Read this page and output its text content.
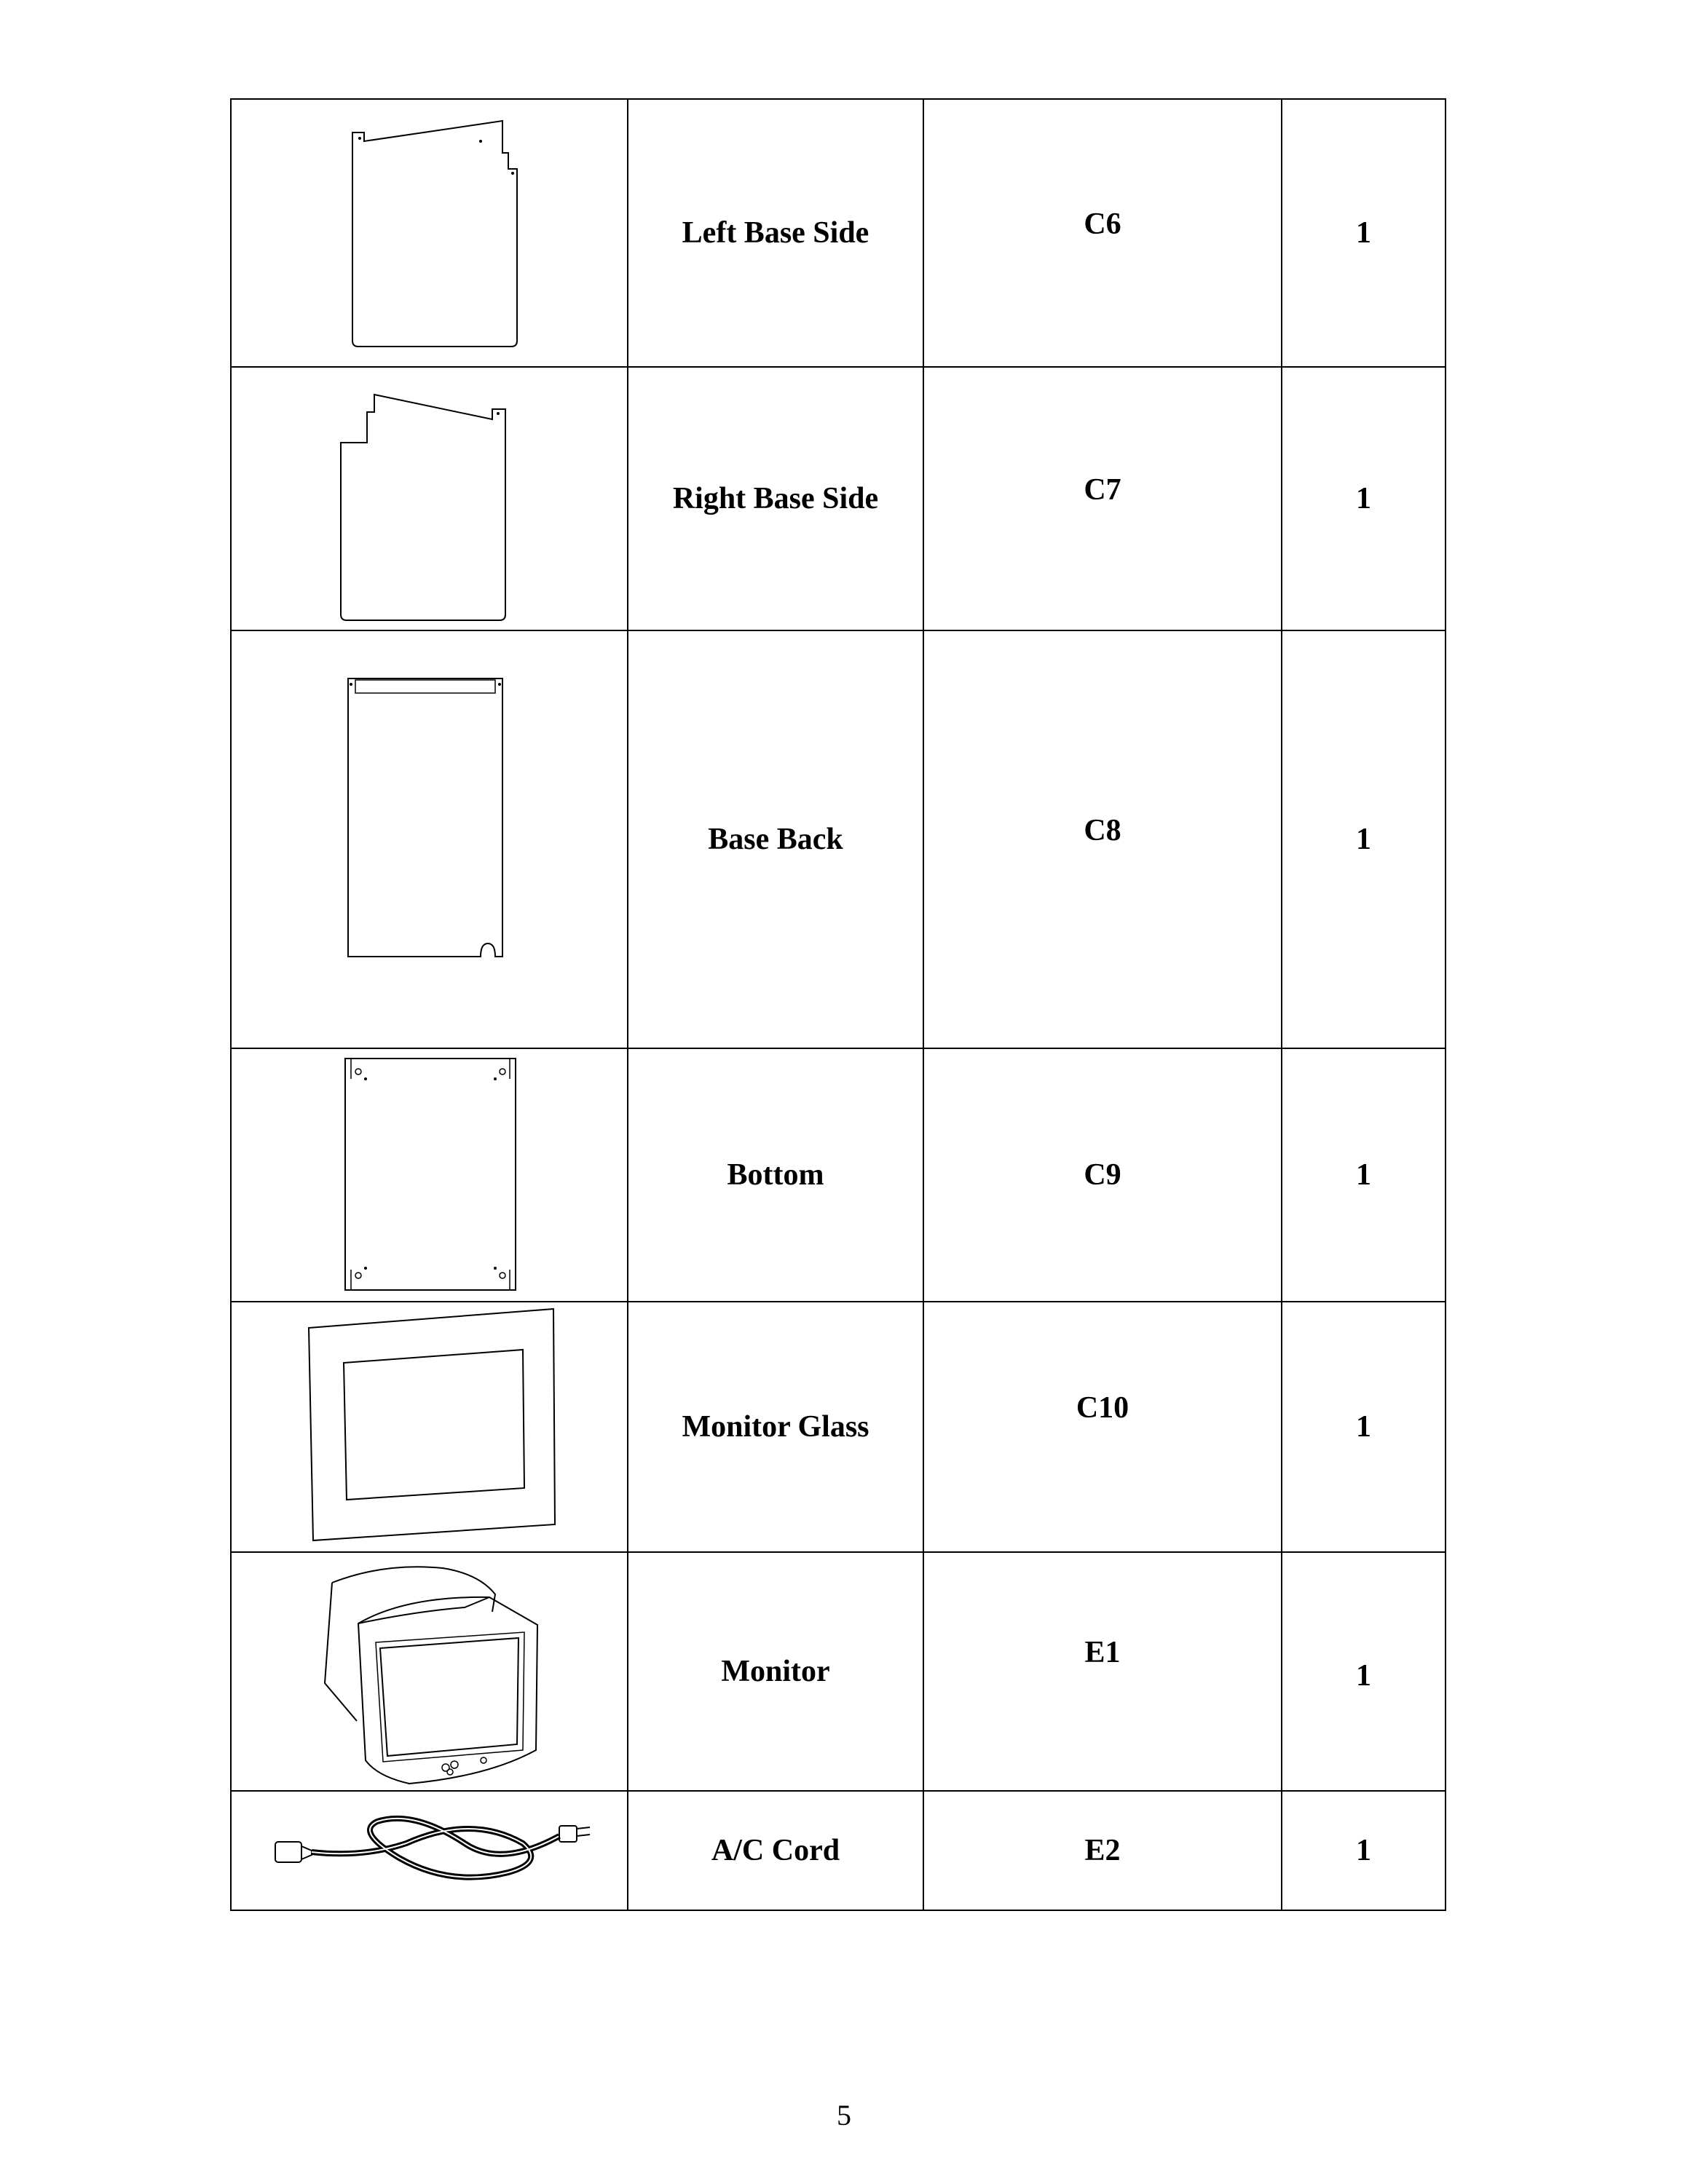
	Left Base Side	C6	1

	Right Base Side	C7	1

	Base Back	C8	1

	Bottom	C9	1

	Monitor Glass	C10	1

	Monitor	E1	1

	A/C Cord	E2	1
5
